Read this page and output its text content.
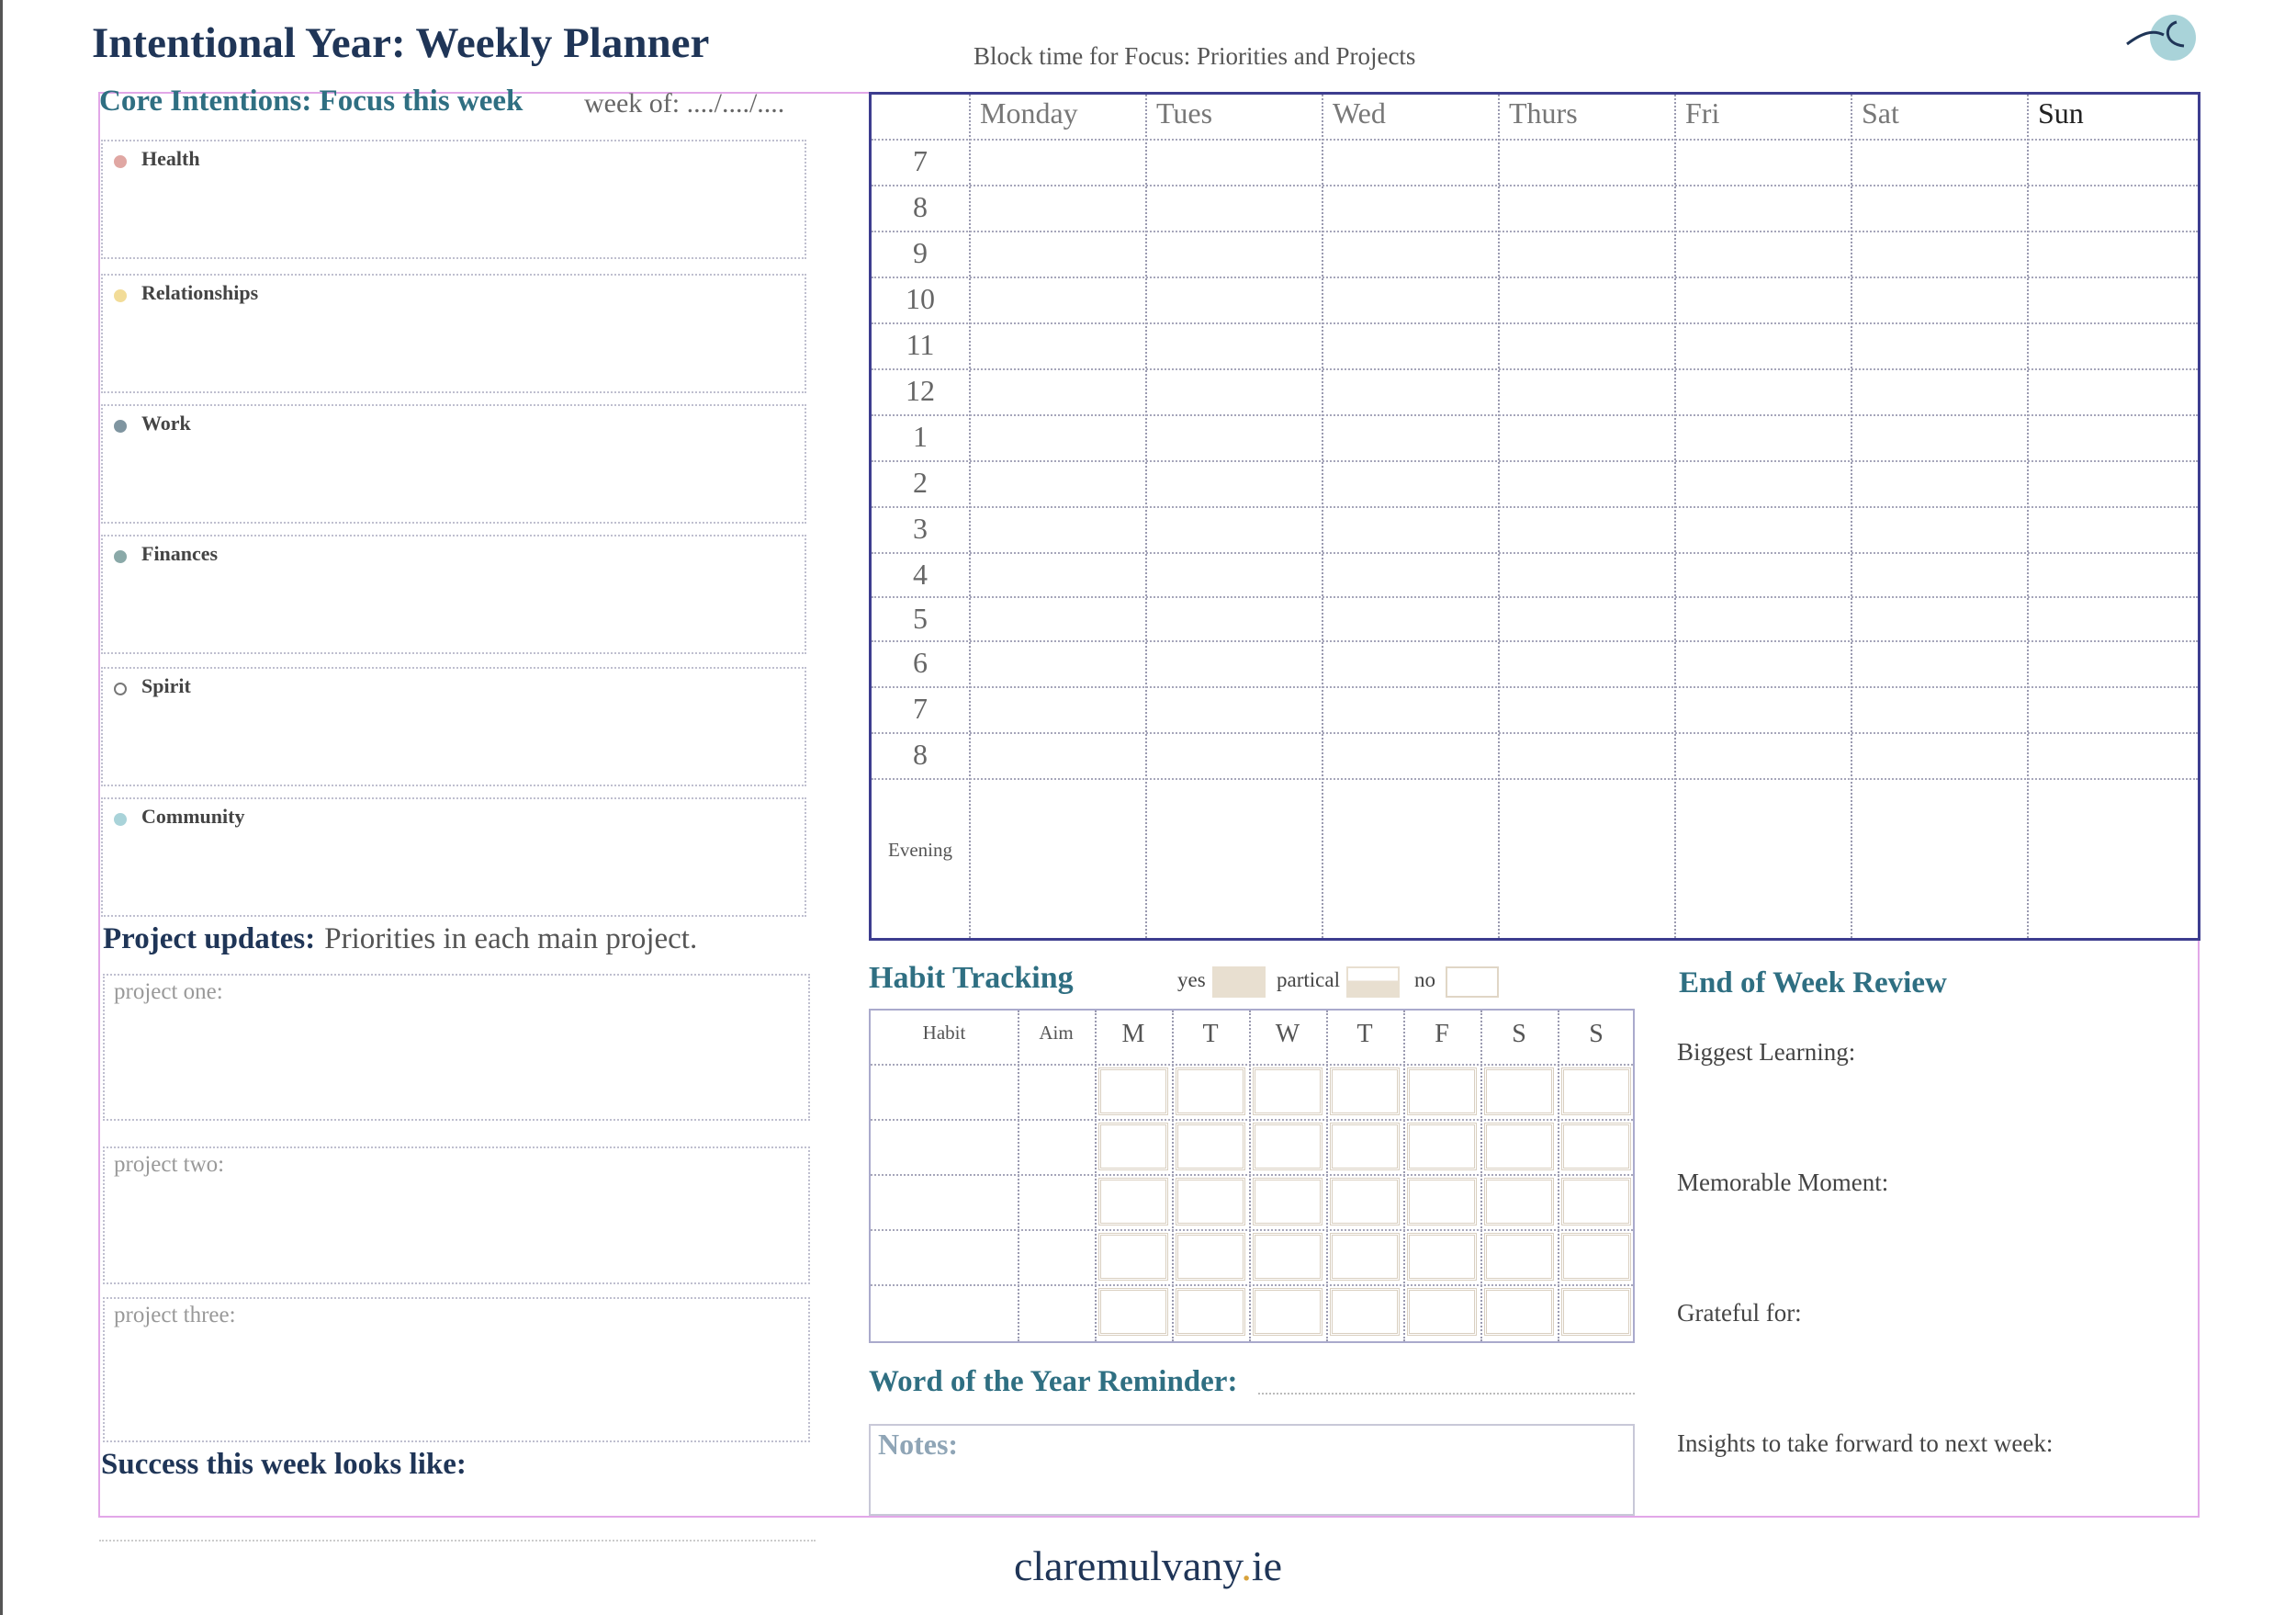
Intentional Year: Weekly Planner	Block time for Focus: Priorities and Projects
Core Intentions: Focus this week week of: ..../..../....
Health
Relationships
Work
Finances
Spirit
Community
Project updates: Priorities in each main project.
project one:
project two:
project three:
Success this week looks like:
Monday	Tues	Wed	Thurs	Fri	Sat	Sun
7
8
9
10
11
12
1
2
3
4
5
6
7
8
Evening
Habit Tracking	yes	partical	no
Habit	Aim	M	T	W	T	F	S	S
Word of the Year Reminder:
Notes:
End of Week Review
Biggest Learning:
Memorable Moment:
Grateful for:
Insights to take forward to next week:
claremulvany.ie
